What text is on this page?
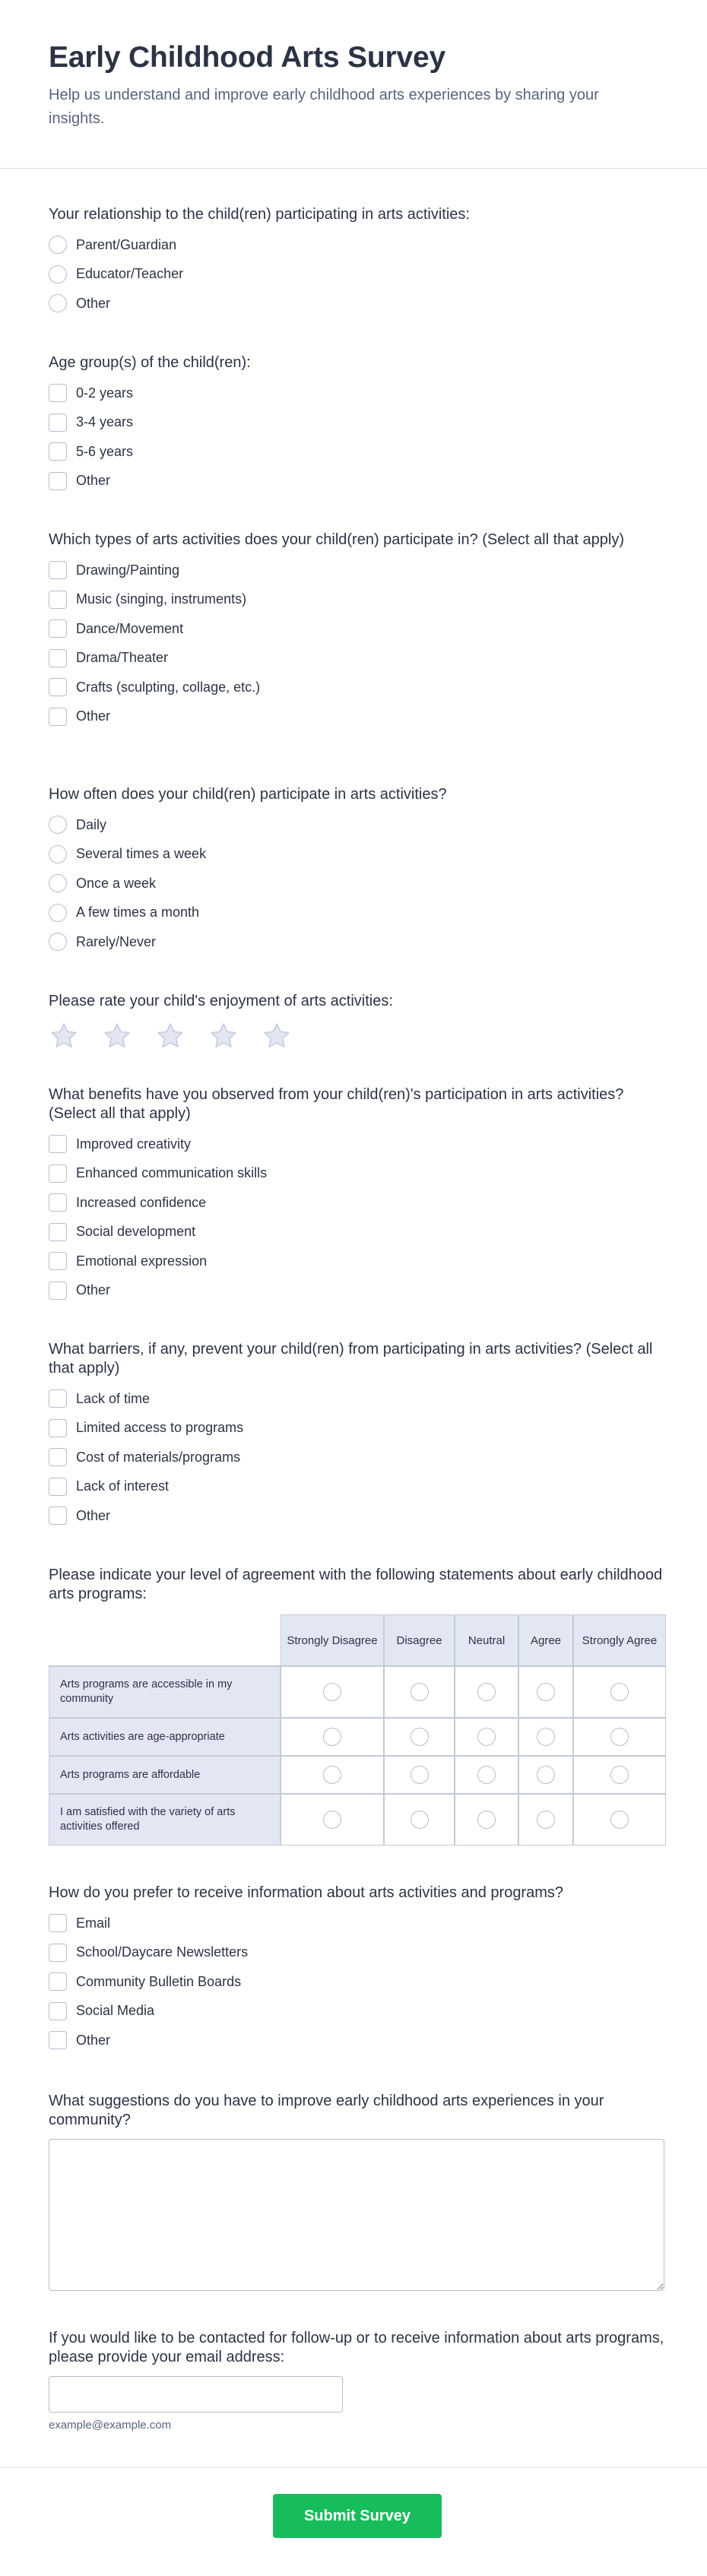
Early Childhood Arts Survey

Help us understand and improve early childhood arts experiences by sharing your insights.

Your relationship to the child(ren) participating in arts activities:
Parent/Guardian
Educator/Teacher
Other
Age group(s) of the child(ren):
0-2 years
3-4 years
5-6 years
Other
Which types of arts activities does your child(ren) participate in? (Select all that apply)
Drawing/Painting
Music (singing, instruments)
Dance/Movement
Drama/Theater
Crafts (sculpting, collage, etc.)
Other
How often does your child(ren) participate in arts activities?
Daily
Several times a week
Once a week
A few times a month
Rarely/Never
Please rate your child's enjoyment of arts activities:
What benefits have you observed from your child(ren)'s participation in arts activities? (Select all that apply)
Improved creativity
Enhanced communication skills
Increased confidence
Social development
Emotional expression
Other
What barriers, if any, prevent your child(ren) from participating in arts activities? (Select all that apply)
Lack of time
Limited access to programs
Cost of materials/programs
Lack of interest
Other
Please indicate your level of agreement with the following statements about early childhood arts programs:
	Strongly Disagree	Disagree	Neutral	Agree	Strongly Agree
Arts programs are accessible in my community					
Arts activities are age-appropriate					
Arts programs are affordable					
I am satisfied with the variety of arts activities offered					
How do you prefer to receive information about arts activities and programs?
Email
School/Daycare Newsletters
Community Bulletin Boards
Social Media
Other
What suggestions do you have to improve early childhood arts experiences in your community?
If you would like to be contacted for follow-up or to receive information about arts programs, please provide your email address:
example@example.com
Submit Survey
